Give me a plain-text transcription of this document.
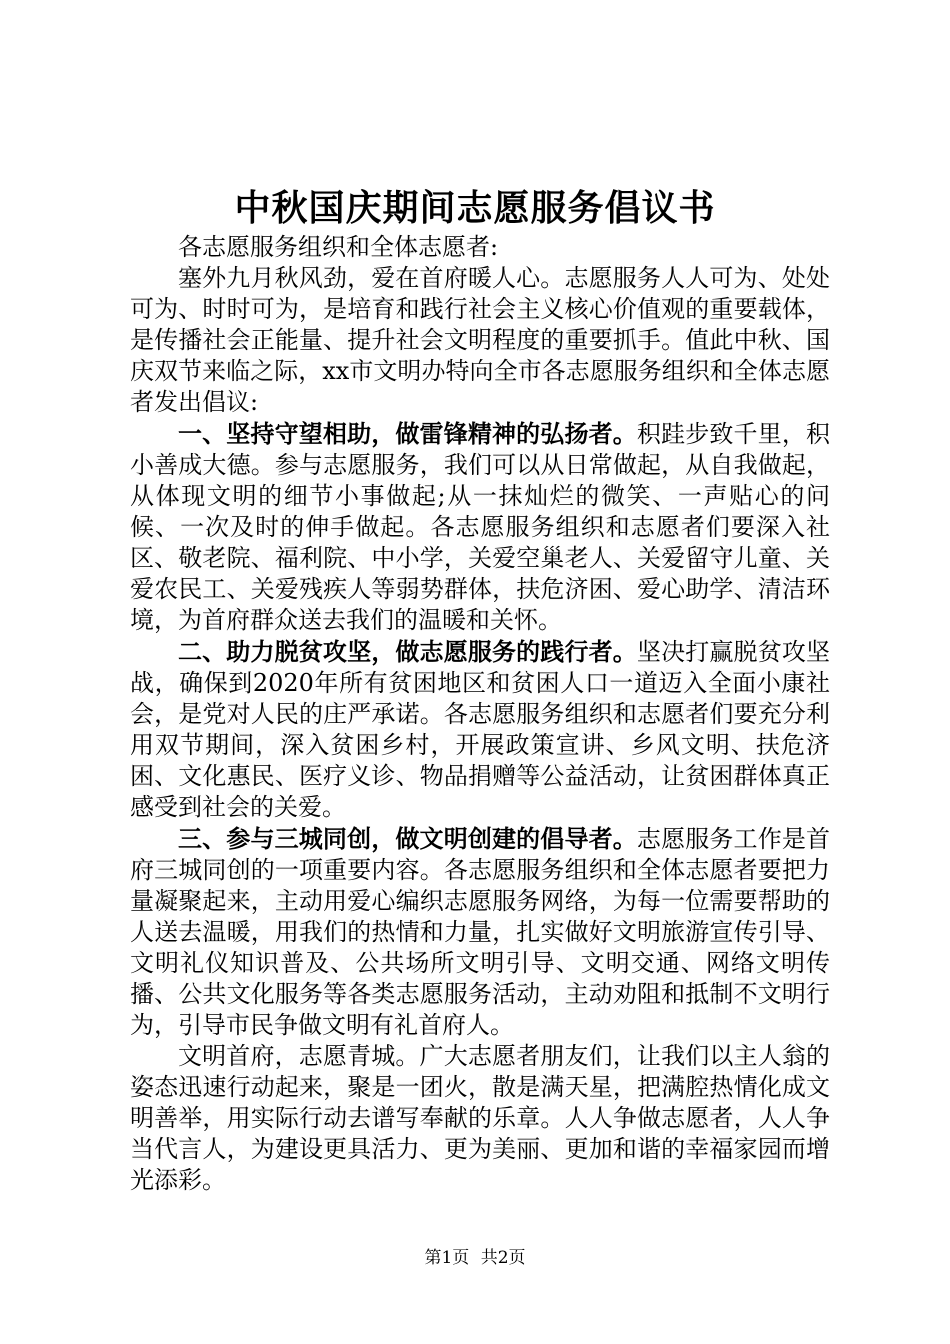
中秋国庆期间志愿服务倡议书

各志愿服务组织和全体志愿者:

塞外九月秋风劲，爱在首府暖人心。志愿服务人人可为、处处可为、时时可为，是培育和践行社会主义核心价值观的重要载体，是传播社会正能量、提升社会文明程度的重要抓手。值此中秋、国庆双节来临之际，xx市文明办特向全市各志愿服务组织和全体志愿者发出倡议:

一、坚持守望相助，做雷锋精神的弘扬者。积跬步致千里，积小善成大德。参与志愿服务，我们可以从日常做起，从自我做起，从体现文明的细节小事做起;从一抹灿烂的微笑、一声贴心的问候、一次及时的伸手做起。各志愿服务组织和志愿者们要深入社区、敬老院、福利院、中小学，关爱空巢老人、关爱留守儿童、关爱农民工、关爱残疾人等弱势群体，扶危济困、爱心助学、清洁环境，为首府群众送去我们的温暖和关怀。

二、助力脱贫攻坚，做志愿服务的践行者。坚决打赢脱贫攻坚战，确保到2020年所有贫困地区和贫困人口一道迈入全面小康社会，是党对人民的庄严承诺。各志愿服务组织和志愿者们要充分利用双节期间，深入贫困乡村，开展政策宣讲、乡风文明、扶危济困、文化惠民、医疗义诊、物品捐赠等公益活动，让贫困群体真正感受到社会的关爱。

三、参与三城同创，做文明创建的倡导者。志愿服务工作是首府三城同创的一项重要内容。各志愿服务组织和全体志愿者要把力量凝聚起来，主动用爱心编织志愿服务网络，为每一位需要帮助的人送去温暖，用我们的热情和力量，扎实做好文明旅游宣传引导、文明礼仪知识普及、公共场所文明引导、文明交通、网络文明传播、公共文化服务等各类志愿服务活动，主动劝阻和抵制不文明行为，引导市民争做文明有礼首府人。

文明首府，志愿青城。广大志愿者朋友们，让我们以主人翁的姿态迅速行动起来，聚是一团火，散是满天星，把满腔热情化成文明善举，用实际行动去谱写奉献的乐章。人人争做志愿者，人人争当代言人，为建设更具活力、更为美丽、更加和谐的幸福家园而增光添彩。

第1页 共2页
